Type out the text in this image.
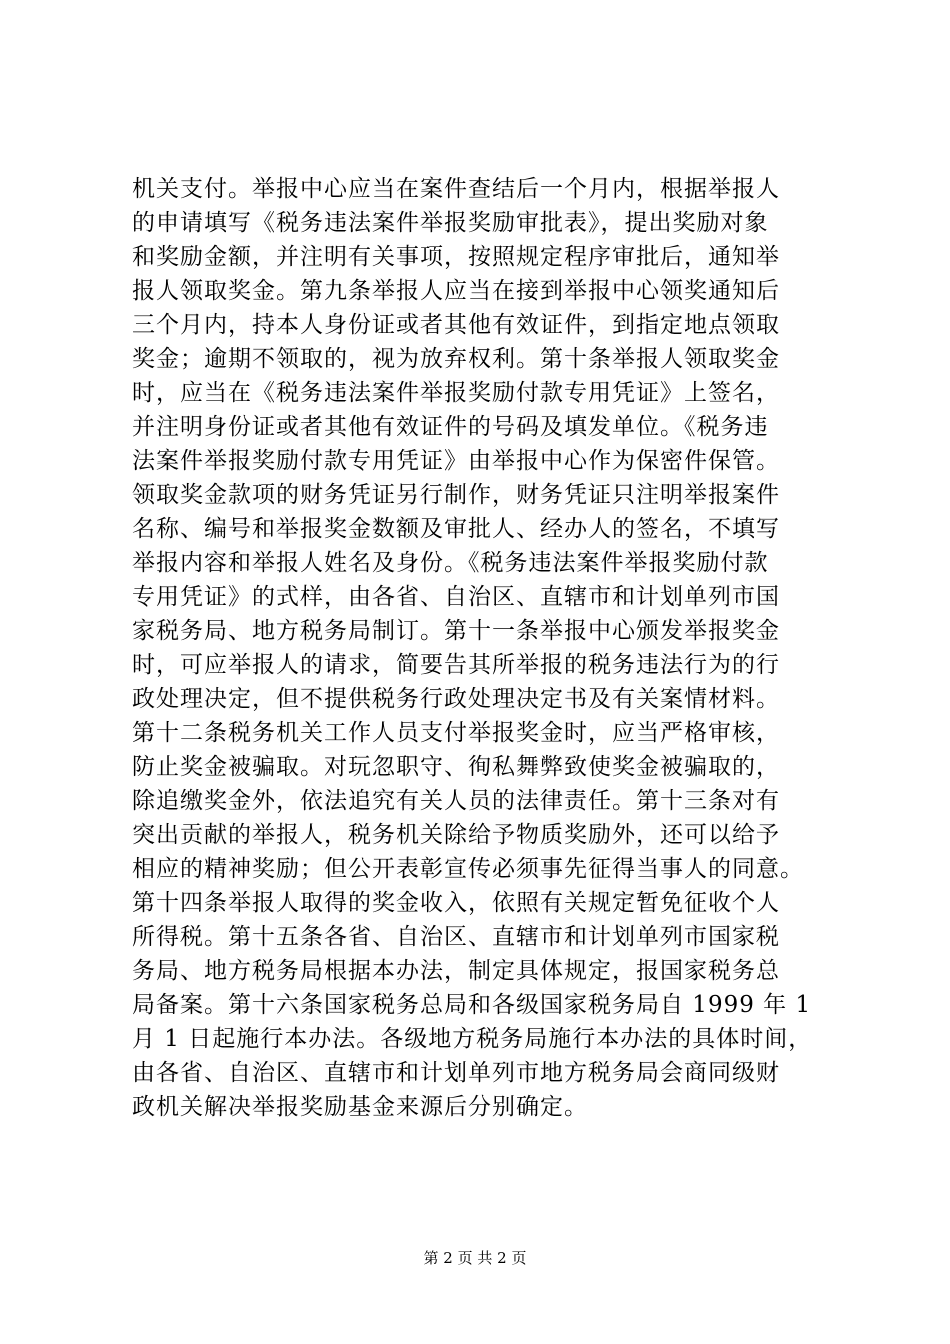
机关支付。举报中心应当在案件查结后一个月内，根据举报人
的申请填写《税务违法案件举报奖励审批表》，提出奖励对象
和奖励金额，并注明有关事项，按照规定程序审批后，通知举
报人领取奖金。第九条举报人应当在接到举报中心领奖通知后
三个月内，持本人身份证或者其他有效证件，到指定地点领取
奖金；逾期不领取的，视为放弃权利。第十条举报人领取奖金
时，应当在《税务违法案件举报奖励付款专用凭证》上签名，
并注明身份证或者其他有效证件的号码及填发单位。《税务违
法案件举报奖励付款专用凭证》由举报中心作为保密件保管。
领取奖金款项的财务凭证另行制作，财务凭证只注明举报案件
名称、编号和举报奖金数额及审批人、经办人的签名，不填写
举报内容和举报人姓名及身份。《税务违法案件举报奖励付款
专用凭证》的式样，由各省、自治区、直辖市和计划单列市国
家税务局、地方税务局制订。第十一条举报中心颁发举报奖金
时，可应举报人的请求，简要告其所举报的税务违法行为的行
政处理决定，但不提供税务行政处理决定书及有关案情材料。
第十二条税务机关工作人员支付举报奖金时，应当严格审核，
防止奖金被骗取。对玩忽职守、徇私舞弊致使奖金被骗取的，
除追缴奖金外，依法追究有关人员的法律责任。第十三条对有
突出贡献的举报人，税务机关除给予物质奖励外，还可以给予
相应的精神奖励；但公开表彰宣传必须事先征得当事人的同意。
第十四条举报人取得的奖金收入，依照有关规定暂免征收个人
所得税。第十五条各省、自治区、直辖市和计划单列市国家税
务局、地方税务局根据本办法，制定具体规定，报国家税务总
局备案。第十六条国家税务总局和各级国家税务局自 1999 年 1
月 1 日起施行本办法。各级地方税务局施行本办法的具体时间，
由各省、自治区、直辖市和计划单列市地方税务局会商同级财
政机关解决举报奖励基金来源后分别确定。
第 2 页 共 2 页
